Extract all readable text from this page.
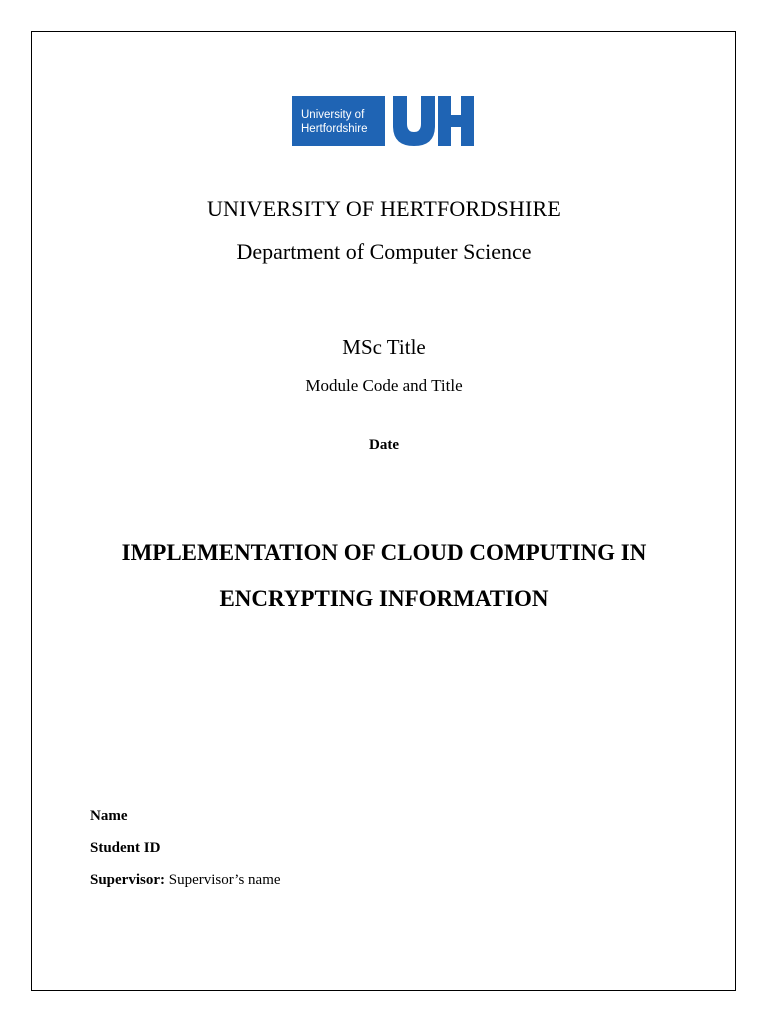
University of
Hertfordshire
UNIVERSITY OF HERTFORDSHIRE
Department of Computer Science
MSc Title
Module Code and Title
Date
IMPLEMENTATION OF CLOUD COMPUTING IN
ENCRYPTING INFORMATION
Name
Student ID
Supervisor: Supervisor’s name
